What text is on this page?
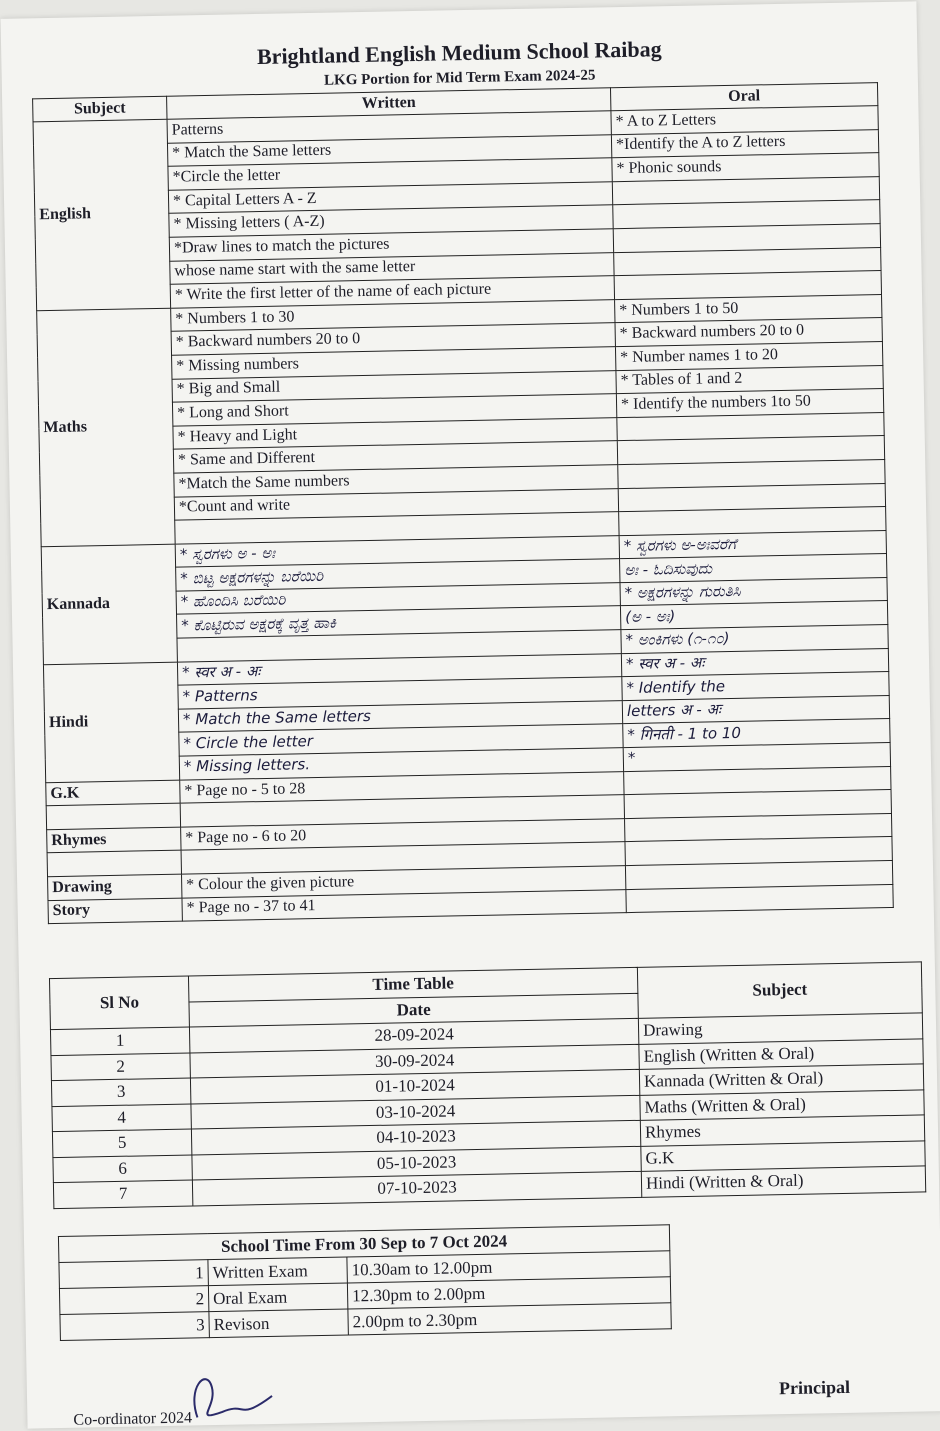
Brightland English Medium School Raibag
LKG Portion for Mid Term Exam 2024-25
Subject	Written	Oral
English	Patterns	* A to Z Letters
	* Match the Same letters	*Identify the A to Z letters
	*Circle the letter	* Phonic sounds
	* Capital Letters A - Z	
	* Missing letters ( A-Z)	
	*Draw lines to match the pictures	
	whose name start with the same letter	
	* Write the first letter of the name of each picture	
Maths	* Numbers 1 to 30	* Numbers 1 to 50
	* Backward numbers 20 to 0	* Backward numbers 20 to 0
	* Missing numbers	* Number names 1 to 20
	* Big and Small	* Tables of 1 and 2
	* Long and Short	* Identify the numbers 1to 50
	* Heavy and Light	
	* Same and Different	
	*Match the Same numbers	
	*Count and write	

Kannada	* ಸ್ವರಗಳು ಅ - ಅಃ	* ಸ್ವರಗಳು ಅ-ಅಃವರೆಗೆ
	* ಬಿಟ್ಟ ಅಕ್ಷರಗಳನ್ನು ಬರೆಯಿರಿ	ಅಃ - ಓದಿಸುವುದು
	* ಹೊಂದಿಸಿ ಬರೆಯಿರಿ	* ಅಕ್ಷರಗಳನ್ನು ಗುರುತಿಸಿ
	* ಕೊಟ್ಟಿರುವ ಅಕ್ಷರಕ್ಕೆ ವೃತ್ತ ಹಾಕಿ	(ಅ - ಅಃ)
		* ಅಂಕಿಗಳು (೧-೧೦)
Hindi	* स्वर अ - अः	* स्वर अ - अः
	* Patterns	* Identify the
	* Match the Same letters	letters अ - अः
	* Circle the letter	* गिनती - 1 to 10
	* Missing letters.	*
G.K	* Page no - 5 to 28	

Rhymes	* Page no - 6 to 20	

Drawing	* Colour the given picture	
Story	* Page no - 37 to 41	
Sl No	Time Table	Subject
	Date	
1	28-09-2024	Drawing
2	30-09-2024	English (Written & Oral)
3	01-10-2024	Kannada (Written & Oral)
4	03-10-2024	Maths (Written & Oral)
5	04-10-2023	Rhymes
6	05-10-2023	G.K
7	07-10-2023	Hindi (Written & Oral)
School Time From 30 Sep to 7 Oct 2024		
1	Written Exam	10.30am to 12.00pm
2	Oral Exam	12.30pm to 2.00pm
3	Revison	2.00pm to 2.30pm
Co-ordinator 2024
Principal
